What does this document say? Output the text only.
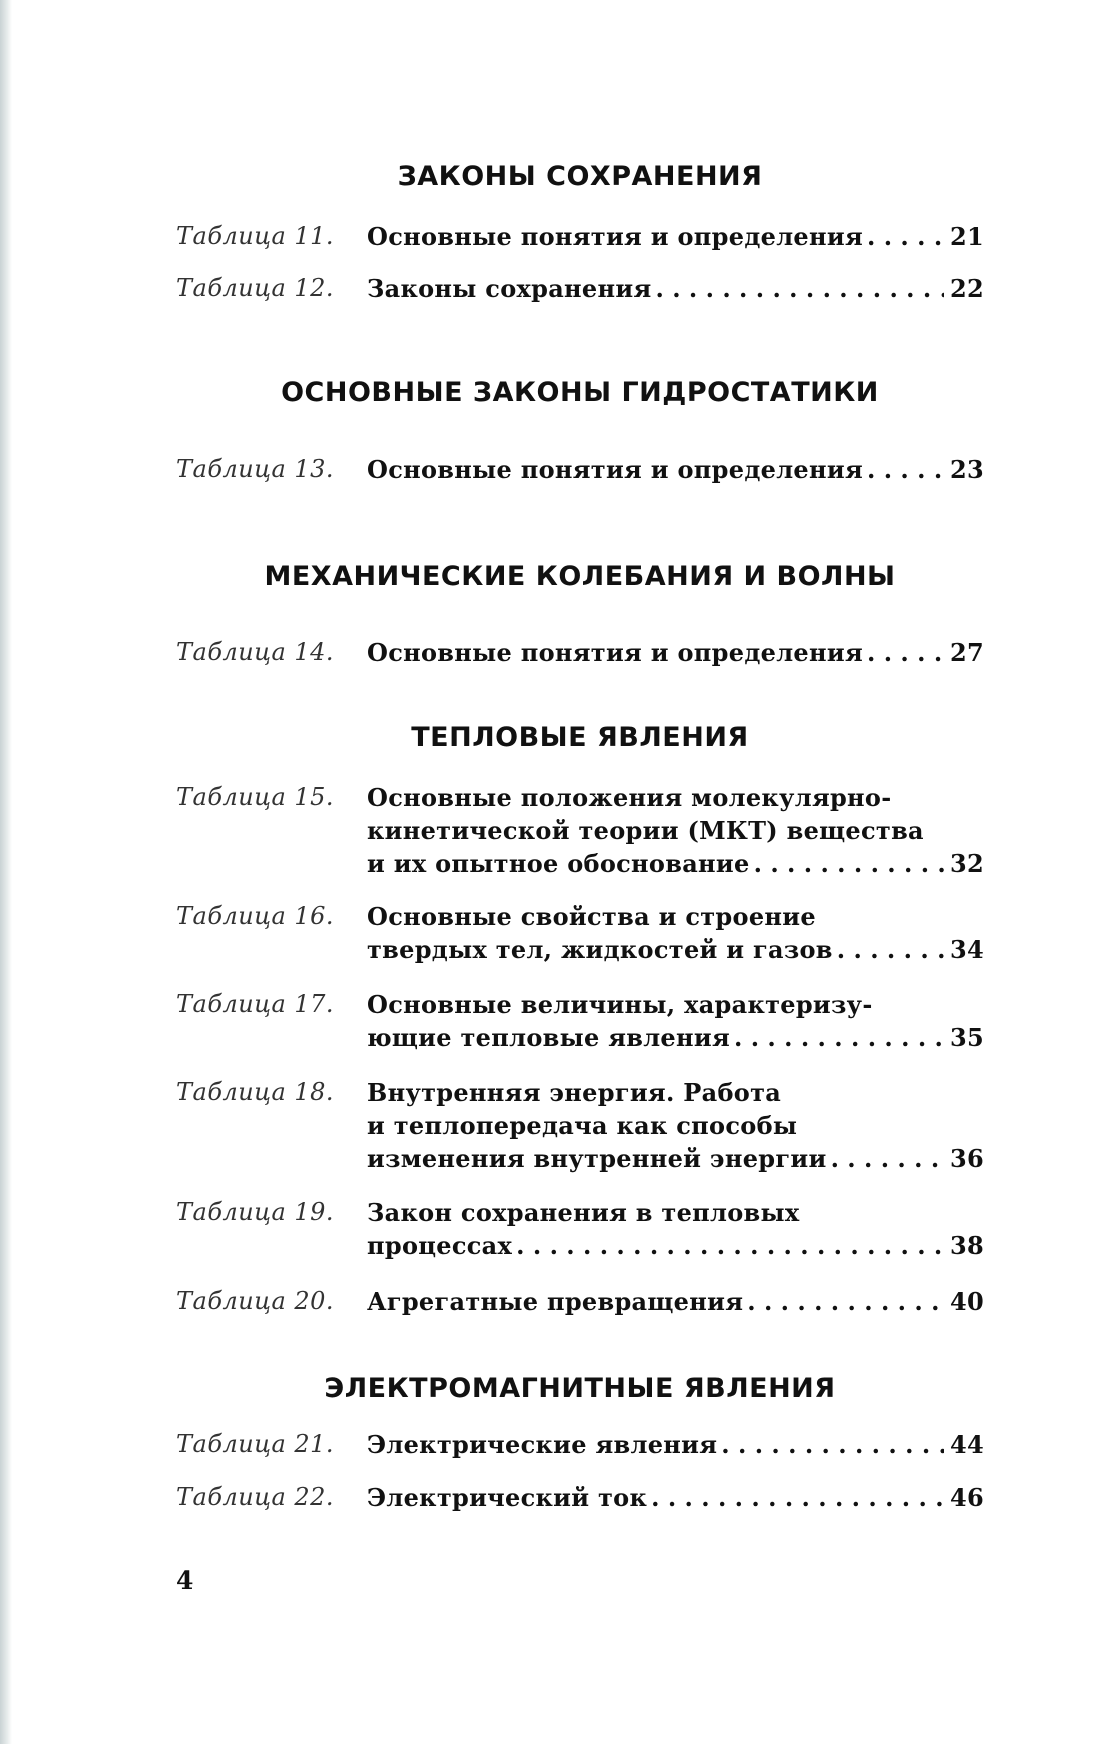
ЗАКОНЫ СОХРАНЕНИЯ
Таблица 11.	Основные понятия и определения . . .	21
Таблица 12.	Законы сохранения . . .	22
ОСНОВНЫЕ ЗАКОНЫ ГИДРОСТАТИКИ
Таблица 13.	Основные понятия и определения . . .	23
МЕХАНИЧЕСКИЕ КОЛЕБАНИЯ И ВОЛНЫ
Таблица 14.	Основные понятия и определения . . .	27
ТЕПЛОВЫЕ ЯВЛЕНИЯ
Таблица 15.	Основные положения молекулярно-
кинетической теории (МКТ) вещества
и их опытное обоснование . . .	32
Таблица 16.	Основные свойства и строение
твердых тел, жидкостей и газов . . .	34
Таблица 17.	Основные величины, характеризу-
ющие тепловые явления . . .	35
Таблица 18.	Внутренняя энергия. Работа
и теплопередача как способы
изменения внутренней энергии . . .	36
Таблица 19.	Закон сохранения в тепловых
процессах . . .	38
Таблица 20.	Агрегатные превращения . . .	40
ЭЛЕКТРОМАГНИТНЫЕ ЯВЛЕНИЯ
Таблица 21.	Электрические явления . . .	44
Таблица 22.	Электрический ток . . .	46
4
